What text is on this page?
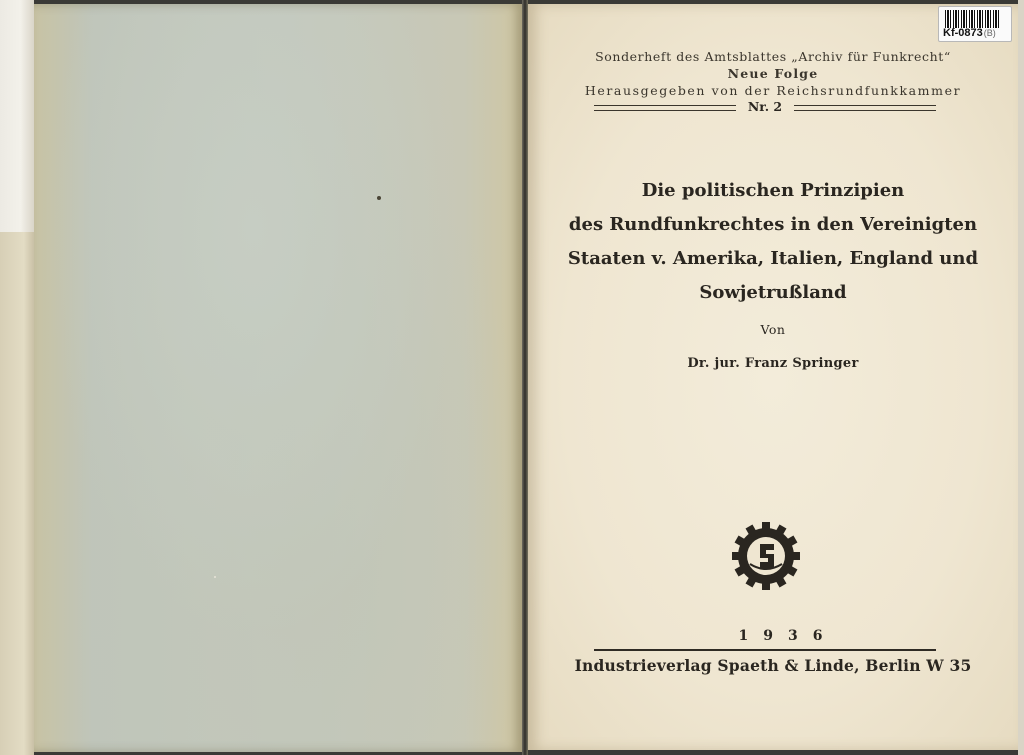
Sonderheft des Amtsblattes „Archiv für Funkrecht“
Neue Folge
Herausgegeben von der Reichsrundfunkkammer
Nr. 2
Die politischen Prinzipien
des Rundfunkrechtes in den Vereinigten
Staaten v. Amerika, Italien, England und
Sowjetrußland
Von
Dr. jur. Franz Springer
1936
Industrieverlag Spaeth & Linde, Berlin W 35
Kf-0873(B)
